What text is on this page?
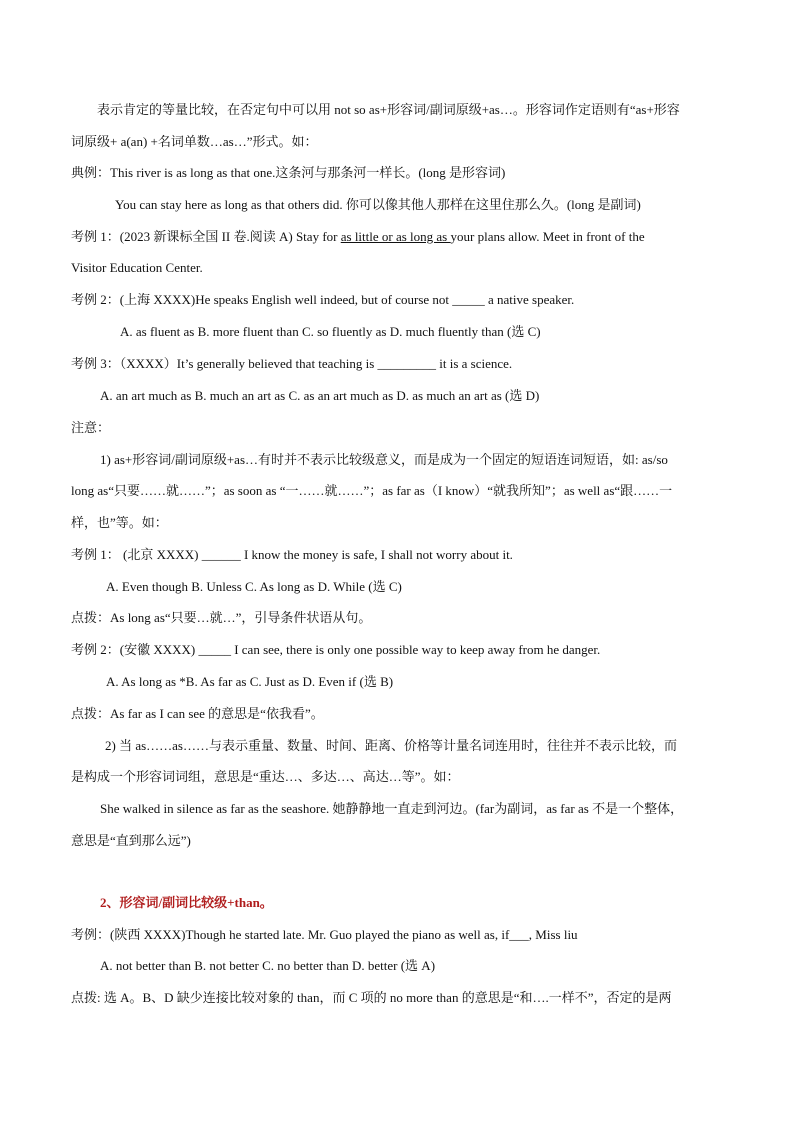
表示肯定的等量比较，在否定句中可以用 not so as+形容词/副词原级+as…。形容词作定语则有“as+形容
词原级+ a(an) +名词单数…as…”形式。如：
典例：This river is as long as that one.这条河与那条河一样长。(long 是形容词)
You can stay here as long as that others did. 你可以像其他人那样在这里住那么久。(long 是副词)
考例 1：(2023 新课标全国 II 卷.阅读 A) Stay for as little or as long as your plans allow. Meet in front of the
Visitor Education Center.
考例 2：(上海 XXXX)He speaks English well indeed, but of course not _____ a native speaker.
A. as fluent as B. more fluent than C. so fluently as D. much fluently than (选 C)
考例 3：（XXXX）It’s generally believed that teaching is _________ it is a science.
A. an art much as B. much an art as C. as an art much as D. as much an art as (选 D)
注意：
1) as+形容词/副词原级+as…有时并不表示比较级意义，而是成为一个固定的短语连词短语，如: as/so
long as“只要……就……”；as soon as “一……就……”；as far as（I know）“就我所知”；as well as“跟……一
样，也”等。如：
考例 1： (北京 XXXX) ______ I know the money is safe, I shall not worry about it.
A. Even though B. Unless C. As long as D. While (选 C)
点拨：As long as“只要…就…”，引导条件状语从句。
考例 2：(安徽 XXXX) _____ I can see, there is only one possible way to keep away from he danger.
A. As long as *B. As far as C. Just as D. Even if (选 B)
点拨：As far as I can see 的意思是“依我看”。
2) 当 as……as……与表示重量、数量、时间、距离、价格等计量名词连用时，往往并不表示比较，而
是构成一个形容词词组，意思是“重达…、多达…、高达…等”。如：
She walked in silence as far as the seashore. 她静静地一直走到河边。(far为副词，as far as 不是一个整体，
意思是“直到那么远”)
2、形容词/副词比较级+than。
考例：(陕西 XXXX)Though he started late. Mr. Guo played the piano as well as, if___, Miss liu
A. not better than B. not better C. no better than D. better (选 A)
点拨: 选 A。B、D 缺少连接比较对象的 than，而 C 项的 no more than 的意思是“和….一样不”，否定的是两
